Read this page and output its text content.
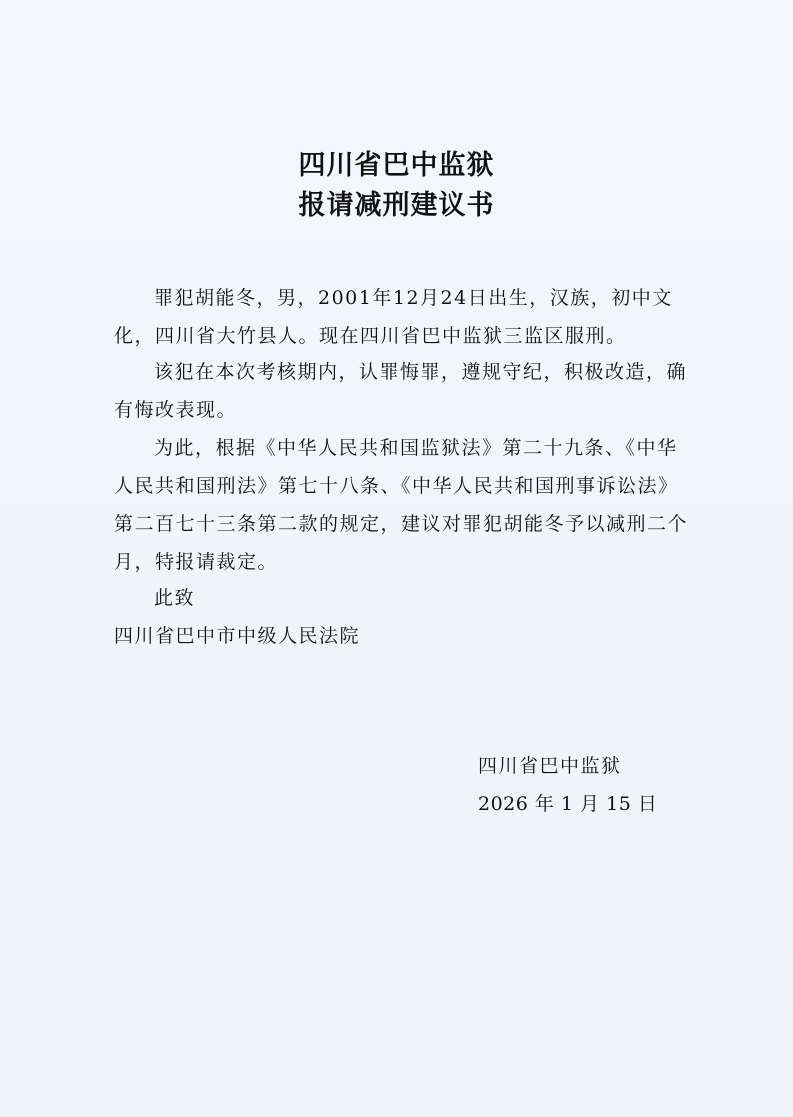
四川省巴中监狱
报请减刑建议书

罪犯胡能冬，男，2001年12月24日出生，汉族，初中文化，四川省大竹县人。现在四川省巴中监狱三监区服刑。

该犯在本次考核期内，认罪悔罪，遵规守纪，积极改造，确有悔改表现。

为此，根据《中华人民共和国监狱法》第二十九条、《中华人民共和国刑法》第七十八条、《中华人民共和国刑事诉讼法》第二百七十三条第二款的规定，建议对罪犯胡能冬予以减刑二个月，特报请裁定。

此致

四川省巴中市中级人民法院

四川省巴中监狱
2026 年 1 月 15 日
